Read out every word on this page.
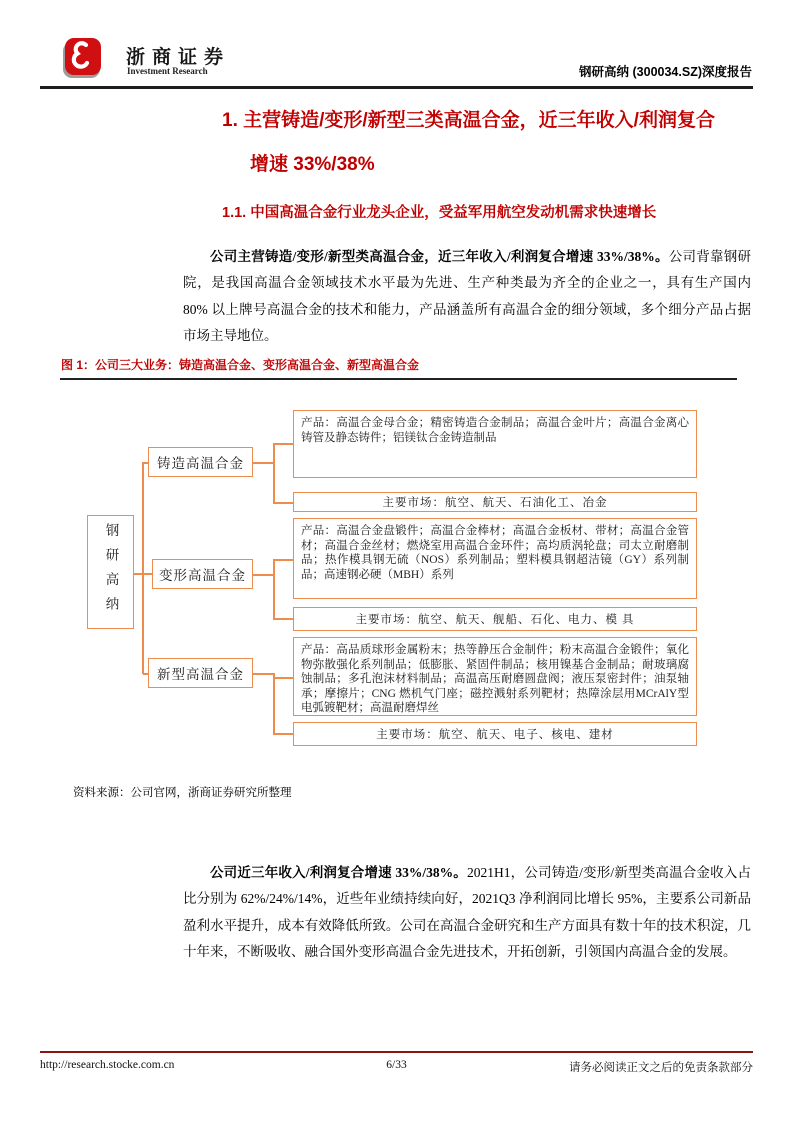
浙商证券
Investment Research	钢研高纳 (300034.SZ)深度报告
1. 主营铸造/变形/新型三类高温合金，近三年收入/利润复合
增速 33%/38%
1.1. 中国高温合金行业龙头企业，受益军用航空发动机需求快速增长

公司主营铸造/变形/新型类高温合金，近三年收入/利润复合增速 33%/38%。公司背靠钢研院，是我国高温合金领域技术水平最为先进、生产种类最为齐全的企业之一，具有生产国内 80% 以上牌号高温合金的技术和能力，产品涵盖所有高温合金的细分领域，多个细分产品占据市场主导地位。

图 1：公司三大业务：铸造高温合金、变形高温合金、新型高温合金
钢研高纳
铸造高温合金
变形高温合金
新型高温合金
产品：高温合金母合金；精密铸造合金制品；高温合金叶片；高温合金离心铸管及静态铸件；铝镁钛合金铸造制品
主要市场：航空、航天、石油化工、冶金
产品：高温合金盘锻件；高温合金棒材；高温合金板材、带材；高温合金管材；高温合金丝材；燃烧室用高温合金环件；高均质涡轮盘；司太立耐磨制品；热作模具钢无硫（NOS）系列制品；塑料模具钢超洁镜（GY）系列制品；高速钢必硬（MBH）系列
主要市场：航空、航天、舰船、石化、电力、模 具
产品：高品质球形金属粉末；热等静压合金制件；粉末高温合金锻件；氧化物弥散强化系列制品；低膨胀、紧固件制品；核用镍基合金制品；耐玻璃腐蚀制品；多孔泡沫材料制品；高温高压耐磨圆盘阀；液压泵密封件；油泵轴承；摩擦片；CNG 燃机气门座；磁控溅射系列靶材；热障涂层用MCrAlY型电弧镀靶材；高温耐磨焊丝
主要市场：航空、航天、电子、核电、建材
资料来源：公司官网，浙商证券研究所整理

公司近三年收入/利润复合增速 33%/38%。2021H1，公司铸造/变形/新型类高温合金收入占比分别为 62%/24%/14%，近些年业绩持续向好，2021Q3 净利润同比增长 95%，主要系公司新品盈利水平提升，成本有效降低所致。公司在高温合金研究和生产方面具有数十年的技术积淀，几十年来，不断吸收、融合国外变形高温合金先进技术，开拓创新，引领国内高温合金的发展。

http://research.stocke.com.cn	6/33	请务必阅读正文之后的免责条款部分
